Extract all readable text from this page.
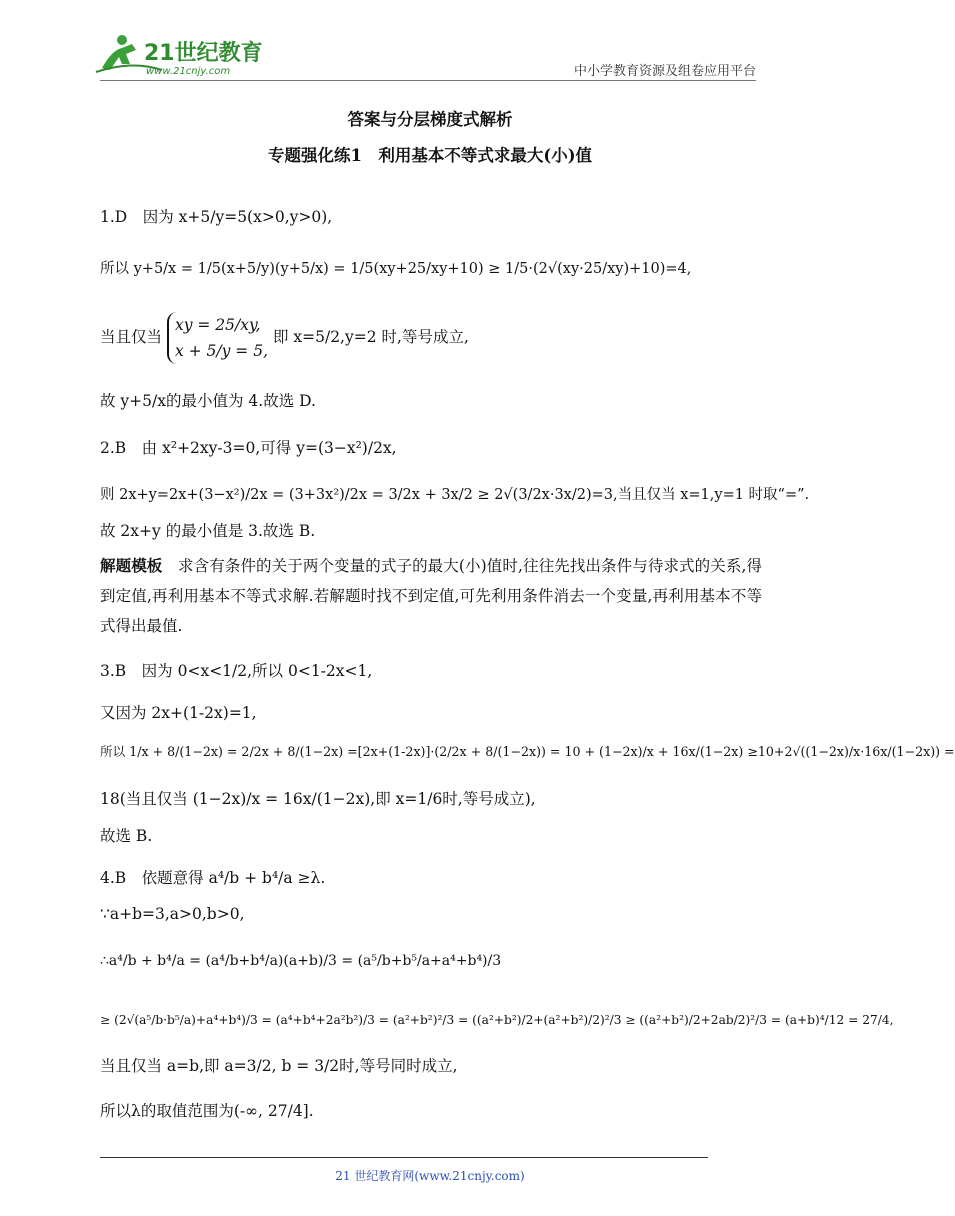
21世纪教育
www.21cnjy.com	中小学教育资源及组卷应用平台
答案与分层梯度式解析
专题强化练1　利用基本不等式求最大(小)值
1.D　因为 x+5/y=5(x>0,y>0),
所以 y+5/x = 1/5(x+5/y)(y+5/x) = 1/5(xy+25/xy+10) ≥ 1/5·(2√(xy·25/xy)+10)=4,
当且仅当
xy = 25/xy,
x + 5/y = 5,
即 x=5/2,y=2 时,等号成立,
故 y+5/x的最小值为 4.故选 D.
2.B　由 x²+2xy-3=0,可得 y=(3−x²)/2x,
则 2x+y=2x+(3−x²)/2x = (3+3x²)/2x = 3/2x + 3x/2 ≥ 2√(3/2x·3x/2)=3,当且仅当 x=1,y=1 时取“=”.
故 2x+y 的最小值是 3.故选 B.
解题模板　 求含有条件的关于两个变量的式子的最大(小)值时,往往先找出条件与待求式的关系,得到定值,再利用基本不等式求解.若解题时找不到定值,可先利用条件消去一个变量,再利用基本不等式得出最值.
3.B　因为 0<x<1/2,所以 0<1-2x<1,
又因为 2x+(1-2x)=1,
所以 1/x + 8/(1−2x) = 2/2x + 8/(1−2x) =[2x+(1-2x)]·(2/2x + 8/(1−2x)) = 10 + (1−2x)/x + 16x/(1−2x) ≥10+2√((1−2x)/x·16x/(1−2x)) =
18(当且仅当 (1−2x)/x = 16x/(1−2x),即 x=1/6时,等号成立),
故选 B.
4.B　依题意得 a⁴/b + b⁴/a ≥λ.
∵a+b=3,a>0,b>0,
∴a⁴/b + b⁴/a = (a⁴/b+b⁴/a)(a+b)/3 = (a⁵/b+b⁵/a+a⁴+b⁴)/3
≥ (2√(a⁵/b·b⁵/a)+a⁴+b⁴)/3 = (a⁴+b⁴+2a²b²)/3 = (a²+b²)²/3 = ((a²+b²)/2+(a²+b²)/2)²/3 ≥ ((a²+b²)/2+2ab/2)²/3 = (a+b)⁴/12 = 27/4,
当且仅当 a=b,即 a=3/2, b = 3/2时,等号同时成立,
所以λ的取值范围为(-∞, 27/4].
21 世纪教育网(www.21cnjy.com)
